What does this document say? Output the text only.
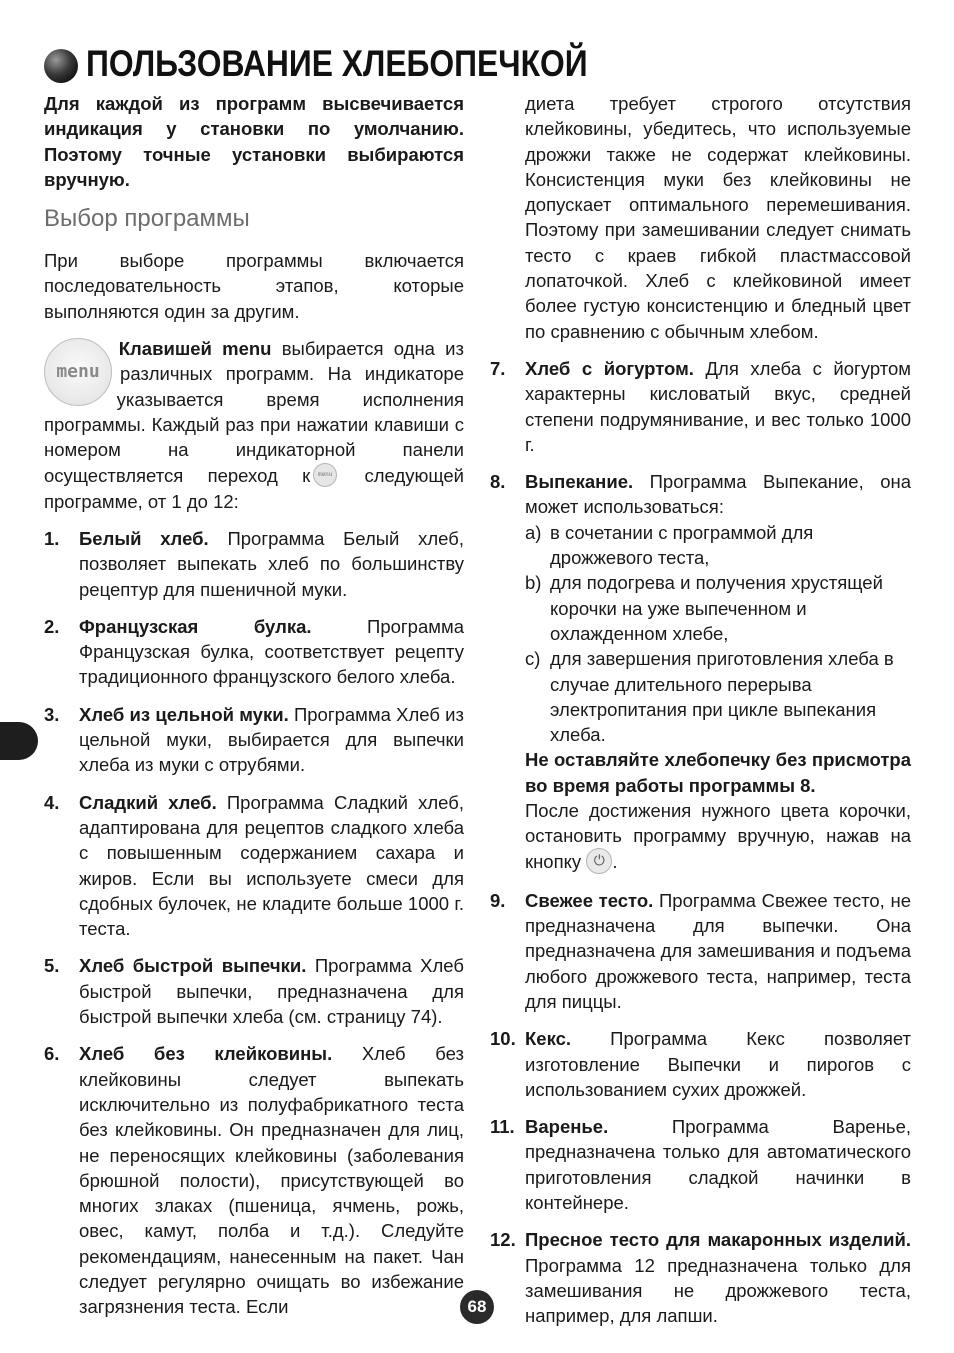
ПОЛЬЗОВАНИЕ ХЛЕБОПЕЧКОЙ

Для каждой из программ высвечивается индикация у становки по умолчанию. Поэтому точные установки выбираются вручную.

Выбор программы

При выборе программы включается последовательность этапов, которые выполняются один за другим.

menu

Клавишей menu выбирается одна из различных программ. На индикаторе указывается время исполнения программы. Каждый раз при нажатии клавиши с номером на индикаторной панели осуществляется переход к menu следующей программе, от 1 до 12:

1. Белый хлеб. Программа Белый хлеб, позволяет выпекать хлеб по большинству рецептур для пшеничной муки.

2. Французская булка. Программа Французская булка, соответствует рецепту традиционного французского белого хлеба.

3. Хлеб из цельной муки. Программа Хлеб из цельной муки, выбирается для выпечки хлеба из муки с отрубями.

4. Сладкий хлеб. Программа Сладкий хлеб, адаптирована для рецептов сладкого хлеба с повышенным содержанием сахара и жиров. Если вы используете смеси для сдобных булочек, не кладите больше 1000 г. теста.

5. Хлеб быстрой выпечки. Программа Хлеб быстрой выпечки, предназначена для быстрой выпечки хлеба (см. страницу 74).

6. Хлеб без клейковины. Хлеб без клейковины следует выпекать исключительно из полуфабрикатного теста без клейковины. Он предназначен для лиц, не переносящих клейковины (заболевания брюшной полости), присутствующей во многих злаках (пшеница, ячмень, рожь, овес, камут, полба и т.д.). Следуйте рекомендациям, нанесенным на пакет. Чан следует регулярно очищать во избежание загрязнения теста. Если

диета требует строгого отсутствия клейковины, убедитесь, что используемые дрожжи также не содержат клейковины. Консистенция муки без клейковины не допускает оптимального перемешивания. Поэтому при замешивании следует снимать тесто с краев гибкой пластмассовой лопаточкой. Хлеб с клейковиной имеет более густую консистенцию и бледный цвет по сравнению с обычным хлебом.

7. Хлеб с йогуртом. Для хлеба с йогуртом характерны кисловатый вкус, средней степени подрумянивание, и вес только 1000 г.

8. Выпекание. Программа Выпекание, она может использоваться:

a) в сочетании с программой для дрожжевого теста,

b) для подогрева и получения хрустящей корочки на уже выпеченном и охлажденном хлебе,

c) для завершения приготовления хлеба в случае длительного перерыва электропитания при цикле выпекания хлеба.

Не оставляйте хлебопечку без присмотра во время работы программы 8.

После достижения нужного цвета корочки, остановить программу вручную, нажав на кнопку ⏻ .

9. Свежее тесто. Программа Свежее тесто, не предназначена для выпечки. Она предназначена для замешивания и подъема любого дрожжевого теста, например, теста для пиццы.

10. Кекс. Программа Кекс позволяет изготовление Выпечки и пирогов с использованием сухих дрожжей.

11. Варенье. Программа Варенье, предназначена только для автоматического приготовления сладкой начинки в контейнере.

12. Пресное тесто для макаронных изделий. Программа 12 предназначена только для замешивания не дрожжевого теста, например, для лапши.

68
